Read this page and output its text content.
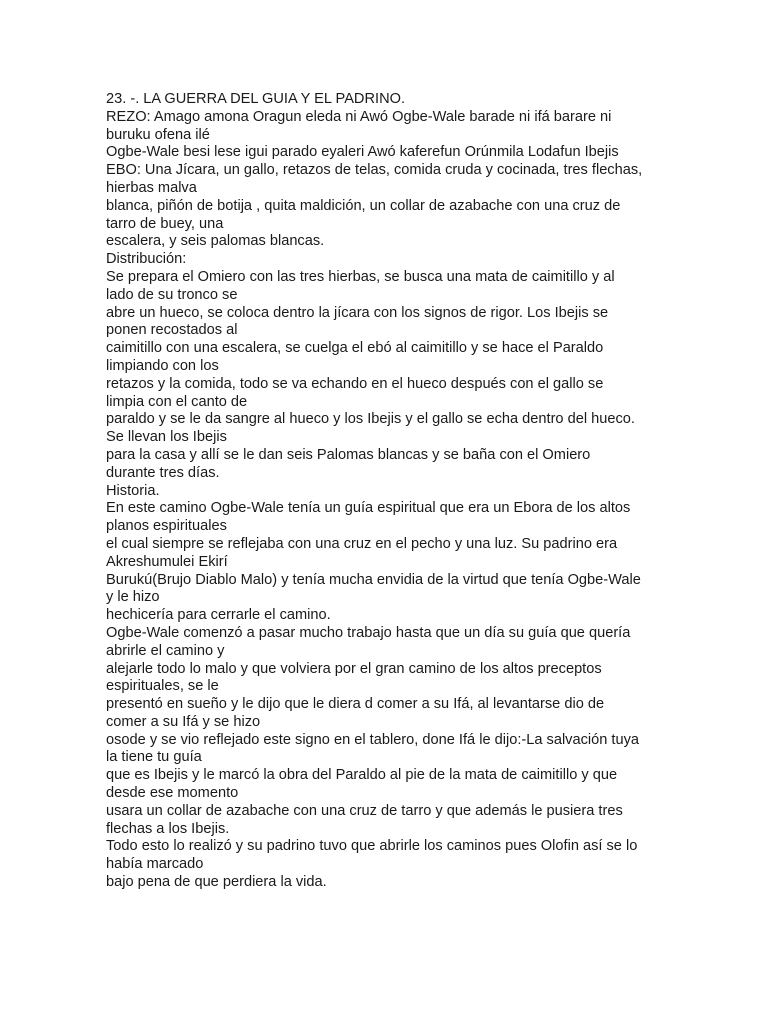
23. -. LA GUERRA DEL GUIA Y EL PADRINO.
REZO: Amago amona Oragun eleda ni Awó Ogbe-Wale barade ni ifá barare ni
buruku ofena ilé
Ogbe-Wale besi lese igui parado eyaleri Awó kaferefun Orúnmila Lodafun Ibejis
EBO: Una Jícara, un gallo, retazos de telas, comida cruda y cocinada, tres flechas,
hierbas malva
blanca, piñón de botija , quita maldición, un collar de azabache con una cruz de
tarro de buey, una
escalera, y seis palomas blancas.
Distribución:
Se prepara el Omiero con las tres hierbas, se busca una mata de caimitillo y al
lado de su tronco se
abre un hueco, se coloca dentro la jícara con los signos de rigor. Los Ibejis se
ponen recostados al
caimitillo con una escalera, se cuelga el ebó al caimitillo y se hace el Paraldo
limpiando con los
retazos y la comida, todo se va echando en el hueco después con el gallo se
limpia con el canto de
paraldo y se le da sangre al hueco y los Ibejis y el gallo se echa dentro del hueco.
Se llevan los Ibejis
para la casa y allí se le dan seis Palomas blancas y se baña con el Omiero
durante tres días.
Historia.
En este camino Ogbe-Wale tenía un guía espiritual que era un Ebora de los altos
planos espirituales
el cual siempre se reflejaba con una cruz en el pecho y una luz. Su padrino era
Akreshumulei Ekirí
Burukú(Brujo Diablo Malo) y tenía mucha envidia de la virtud que tenía Ogbe-Wale
y le hizo
hechicería para cerrarle el camino.
Ogbe-Wale comenzó a pasar mucho trabajo hasta que un día su guía que quería
abrirle el camino y
alejarle todo lo malo y que volviera por el gran camino de los altos preceptos
espirituales, se le
presentó en sueño y le dijo que le diera d comer a su Ifá, al levantarse dio de
comer a su Ifá y se hizo
osode y se vio reflejado este signo en el tablero, done Ifá le dijo:-La salvación tuya
la tiene tu guía
que es Ibejis y le marcó la obra del Paraldo al pie de la mata de caimitillo y que
desde ese momento
usara un collar de azabache con una cruz de tarro y que además le pusiera tres
flechas a los Ibejis.
Todo esto lo realizó y su padrino tuvo que abrirle los caminos pues Olofin así se lo
había marcado
bajo pena de que perdiera la vida.
